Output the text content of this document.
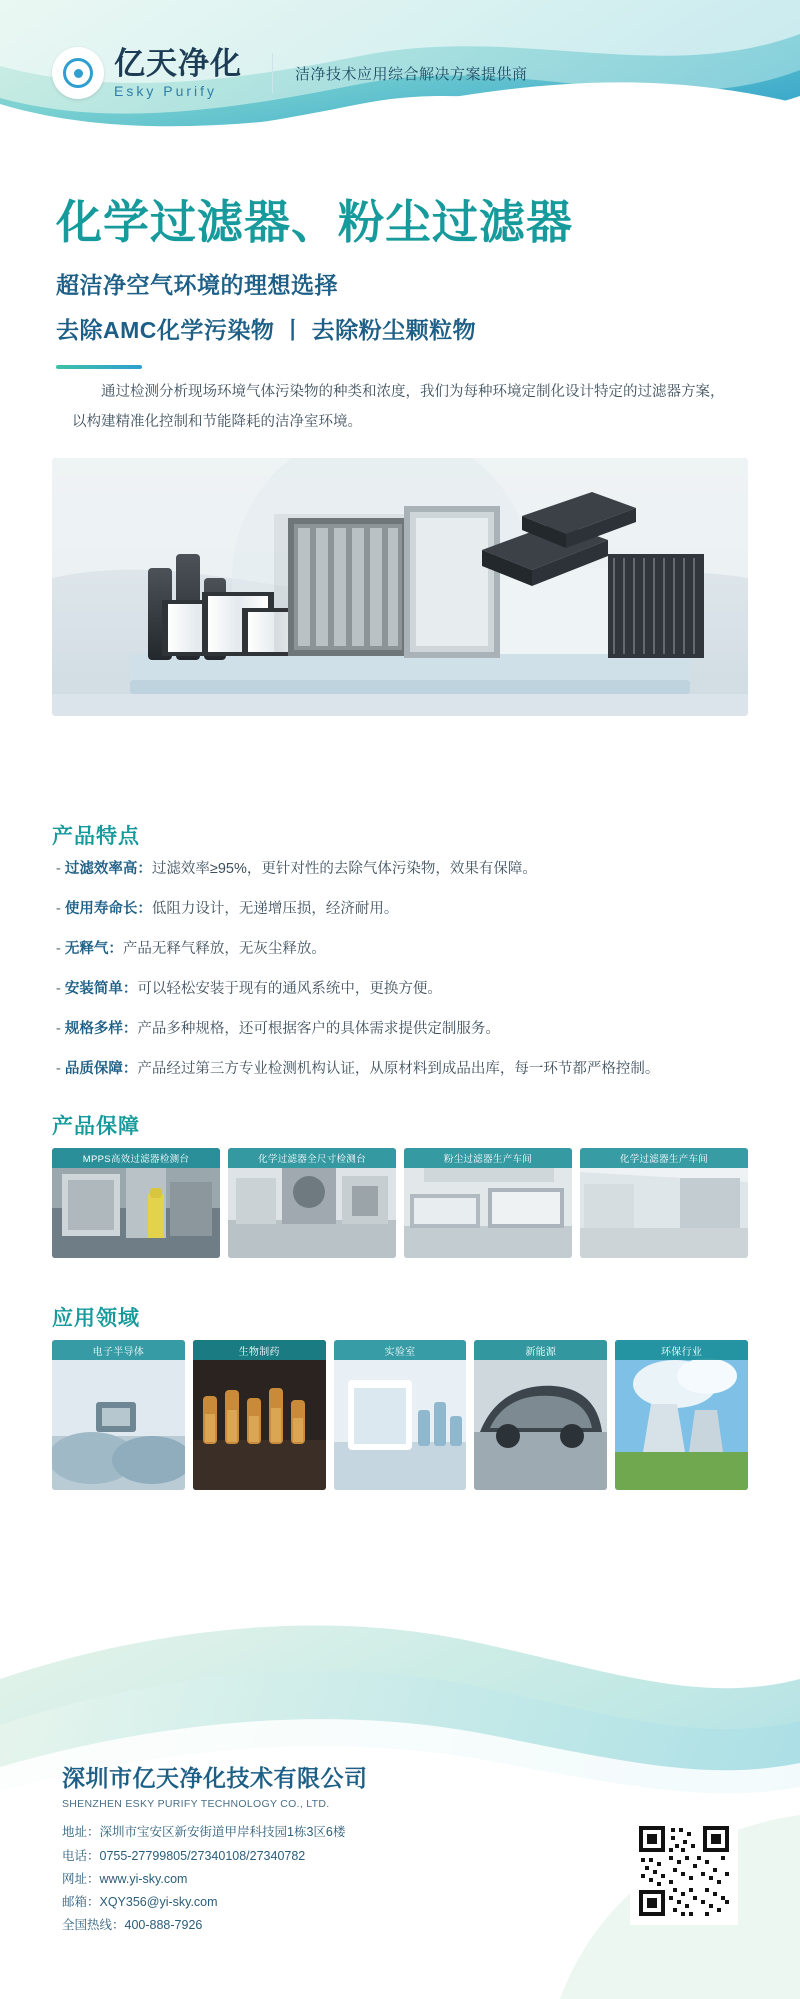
亿天净化
Esky Purify
洁净技术应用综合解决方案提供商
化学过滤器、粉尘过滤器
超洁净空气环境的理想选择
去除AMC化学污染物 丨 去除粉尘颗粒物
通过检测分析现场环境气体污染物的种类和浓度，我们为每种环境定制化设计特定的过滤器方案，以构建精准化控制和节能降耗的洁净室环境。
产品特点
- 过滤效率高：过滤效率≥95%，更针对性的去除气体污染物，效果有保障。
- 使用寿命长：低阻力设计，无递增压损，经济耐用。
- 无释气：产品无释气释放，无灰尘释放。
- 安装简单：可以轻松安装于现有的通风系统中，更换方便。
- 规格多样：产品多种规格，还可根据客户的具体需求提供定制服务。
- 品质保障：产品经过第三方专业检测机构认证，从原材料到成品出库，每一环节都严格控制。
产品保障
MPPS高效过滤器检测台	化学过滤器全尺寸检测台	粉尘过滤器生产车间	化学过滤器生产车间
应用领域
电子半导体	生物制药	实验室	新能源	环保行业
深圳市亿天净化技术有限公司
SHENZHEN ESKY PURIFY TECHNOLOGY CO., LTD.
地址：深圳市宝安区新安街道甲岸科技园1栋3区6楼
电话：0755-27799805/27340108/27340782
网址：www.yi-sky.com
邮箱：XQY356@yi-sky.com
全国热线：400-888-7926
